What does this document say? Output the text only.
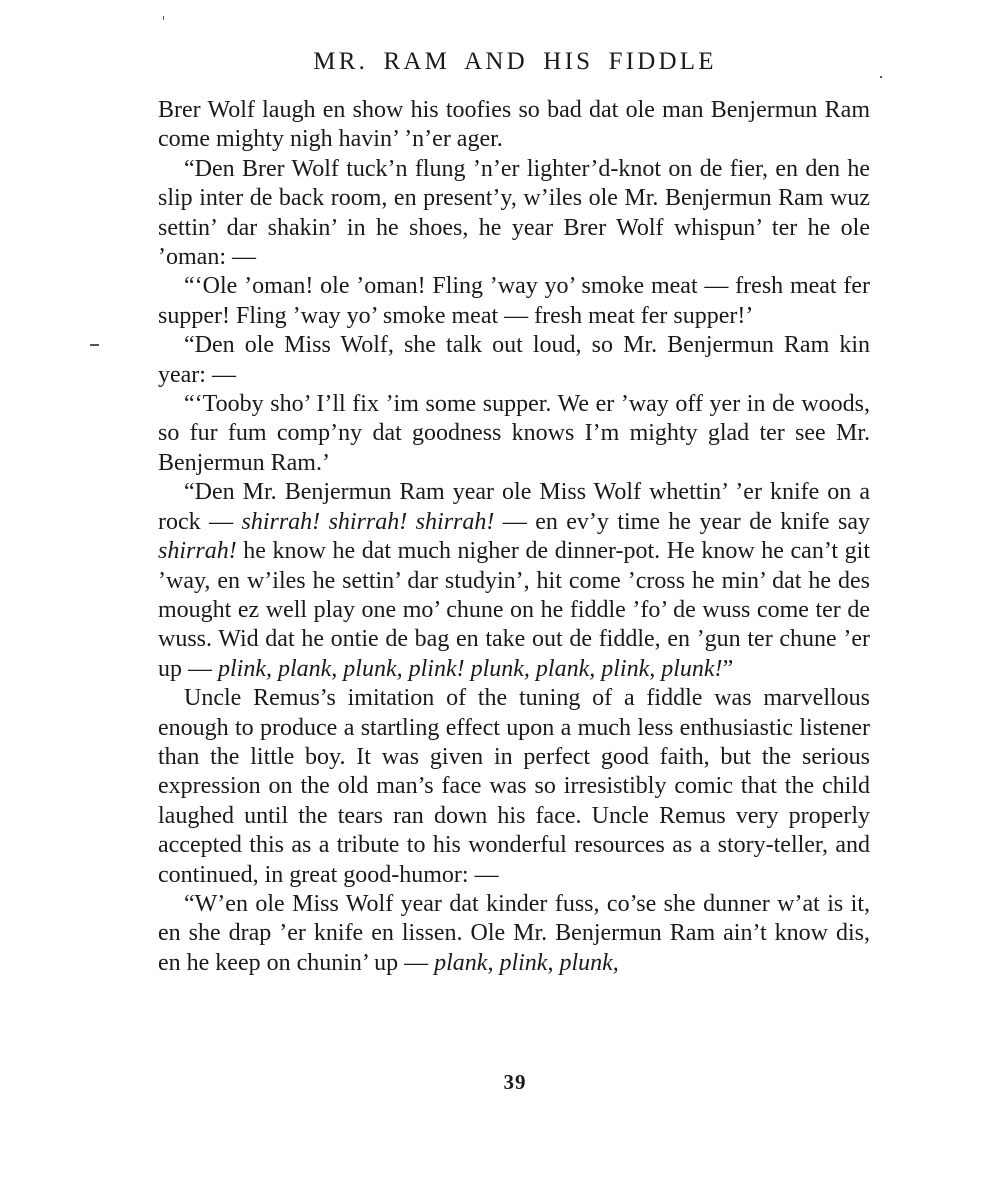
MR. RAM AND HIS FIDDLE

Brer Wolf laugh en show his toofies so bad dat ole man Benjermun Ram come mighty nigh havin’ ’n’er ager.

“Den Brer Wolf tuck’n flung ’n’er lighter’d-knot on de fier, en den he slip inter de back room, en present’y, w’iles ole Mr. Benjermun Ram wuz settin’ dar shakin’ in he shoes, he year Brer Wolf whispun’ ter he ole ’oman: —

“‘Ole ’oman! ole ’oman! Fling ’way yo’ smoke meat — fresh meat fer supper! Fling ’way yo’ smoke meat — fresh meat fer supper!’

“Den ole Miss Wolf, she talk out loud, so Mr. Benjermun Ram kin year: —

“‘Tooby sho’ I’ll fix ’im some supper. We er ’way off yer in de woods, so fur fum comp’ny dat goodness knows I’m mighty glad ter see Mr. Benjermun Ram.’

“Den Mr. Benjermun Ram year ole Miss Wolf whettin’ ’er knife on a rock — shirrah! shirrah! shirrah! — en ev’y time he year de knife say shirrah! he know he dat much nigher de dinner-pot. He know he can’t git ’way, en w’iles he settin’ dar studyin’, hit come ’cross he min’ dat he des mought ez well play one mo’ chune on he fiddle ’fo’ de wuss come ter de wuss. Wid dat he ontie de bag en take out de fiddle, en ’gun ter chune ’er up — plink, plank, plunk, plink! plunk, plank, plink, plunk!”

Uncle Remus’s imitation of the tuning of a fiddle was marvellous enough to produce a startling effect upon a much less enthusiastic listener than the little boy. It was given in perfect good faith, but the serious expression on the old man’s face was so irresistibly comic that the child laughed until the tears ran down his face. Uncle Remus very properly accepted this as a tribute to his wonderful resources as a story-teller, and continued, in great good-humor: —

“W’en ole Miss Wolf year dat kinder fuss, co’se she dunner w’at is it, en she drap ’er knife en lissen. Ole Mr. Benjermun Ram ain’t know dis, en he keep on chunin’ up — plank, plink, plunk,

39
